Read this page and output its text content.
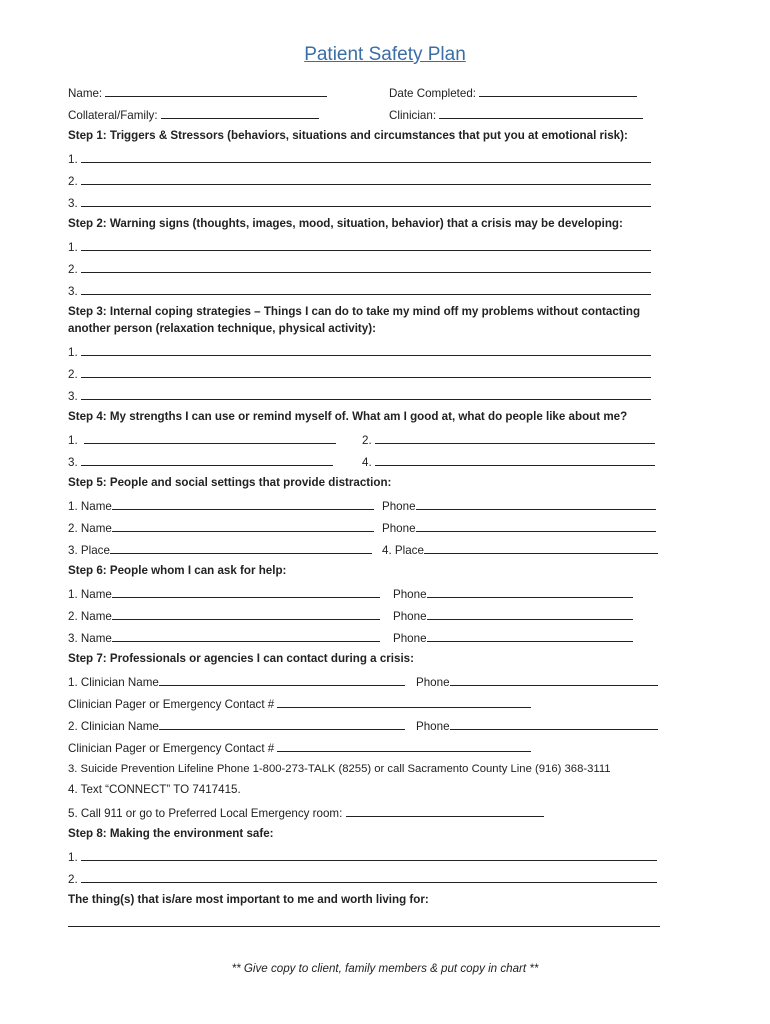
Patient Safety Plan
Name:	Date Completed:
Collateral/Family:	Clinician:
Step 1: Triggers & Stressors (behaviors, situations and circumstances that put you at emotional risk):
1.
2.
3.
Step 2: Warning signs (thoughts, images, mood, situation, behavior) that a crisis may be developing:
1.
2.
3.
Step 3: Internal coping strategies – Things I can do to take my mind off my problems without contacting
another person (relaxation technique, physical activity):
1.
2.
3.
Step 4: My strengths I can use or remind myself of. What am I good at, what do people like about me?
1.	2.
3.	4.
Step 5: People and social settings that provide distraction:
1. Name	Phone
2. Name	Phone
3. Place	4. Place
Step 6: People whom I can ask for help:
1. Name	Phone
2. Name	Phone
3. Name	Phone
Step 7: Professionals or agencies I can contact during a crisis:
1. Clinician Name	Phone
Clinician Pager or Emergency Contact #
2. Clinician Name	Phone
Clinician Pager or Emergency Contact #
3. Suicide Prevention Lifeline Phone 1-800-273-TALK (8255) or call Sacramento County Line (916) 368-3111
4. Text “CONNECT” TO 7417415.
5. Call 911 or go to Preferred Local Emergency room:
Step 8: Making the environment safe:
1.
2.
The thing(s) that is/are most important to me and worth living for:
** Give copy to client, family members & put copy in chart **
